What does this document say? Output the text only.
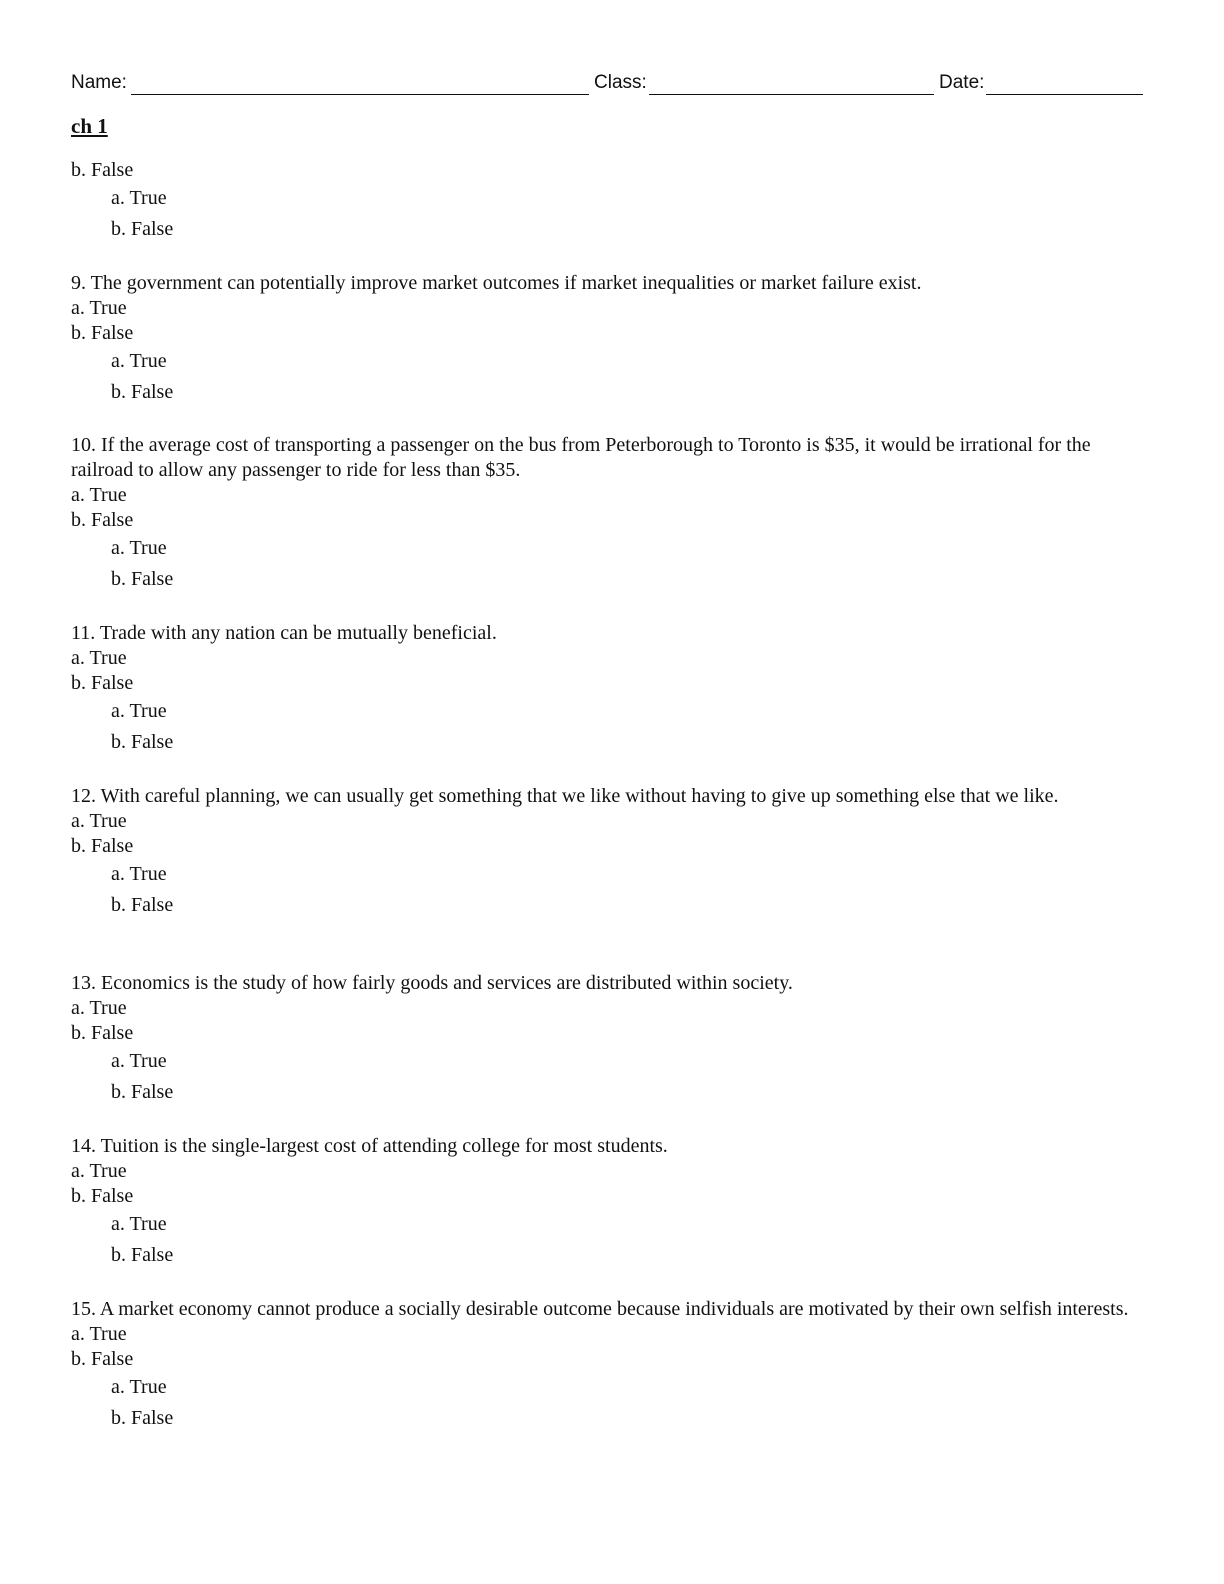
Name:	Class:	Date:
ch 1

b. False

a. True

b. False

9. The government can potentially improve market outcomes if market inequalities or market failure exist.

a. True

b. False

a. True

b. False

10. If the average cost of transporting a passenger on the bus from Peterborough to Toronto is $35, it would be irrational for the railroad to allow any passenger to ride for less than $35.

a. True

b. False

a. True

b. False

11. Trade with any nation can be mutually beneficial.

a. True

b. False

a. True

b. False

12. With careful planning, we can usually get something that we like without having to give up something else that we like.

a. True

b. False

a. True

b. False

13. Economics is the study of how fairly goods and services are distributed within society.

a. True

b. False

a. True

b. False

14. Tuition is the single-largest cost of attending college for most students.

a. True

b. False

a. True

b. False

15. A market economy cannot produce a socially desirable outcome because individuals are motivated by their own selfish interests.

a. True

b. False

a. True

b. False
